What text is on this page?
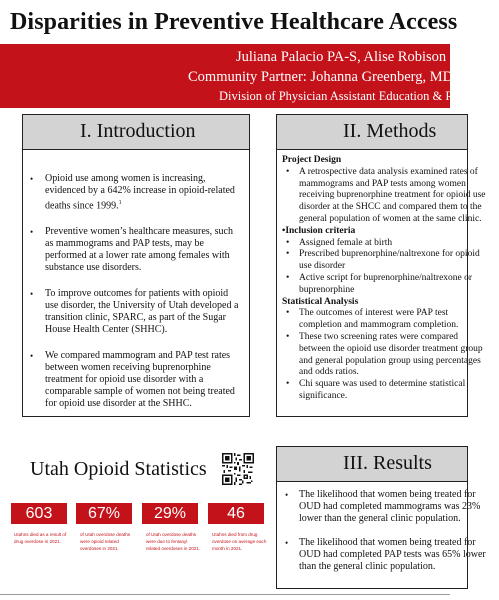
Disparities in Preventive Healthcare Access
Juliana Palacio PA-S, Alise Robison PA-S
Community Partner: Johanna Greenberg, MD
Division of Physician Assistant Education & Research
I. Introduction
• Opioid use among women is increasing, evidenced by a 642% increase in opioid-related deaths since 1999.$^1$
• Preventive women’s healthcare measures, such as mammograms and PAP tests, may be performed at a lower rate among females with substance use disorders.
• To improve outcomes for patients with opioid use disorder, the University of Utah developed a transition clinic, SPARC, as part of the Sugar House Health Center (SHHC).
• We compared mammogram and PAP test rates between women receiving buprenorphine treatment for opioid use disorder with a comparable sample of women not being treated for opioid use disorder at the SHHC.
II. Methods
Project Design
• A retrospective data analysis examined rates of mammograms and PAP tests among women receiving buprenorphine treatment for opioid use disorder at the SHCC and compared them to the general population of women at the same clinic.
•Inclusion criteria
• Assigned female at birth
• Prescribed buprenorphine/naltrexone for opioid use disorder
• Active script for buprenorphine/naltrexone or buprenorphine
Statistical Analysis
• The outcomes of interest were PAP test completion and mammogram completion.
• These two screening rates were compared between the opioid use disorder treatment group and general population group using percentages and odds ratios.
• Chi square was used to determine statistical significance.
Utah Opioid Statistics
603	67%	29%	46
Utahns died as a result of drug overdose in 2021.
of Utah overdose deaths were opioid related overdoses in 2021.
of Utah overdose deaths were due to fentanyl related overdoses in 2021.
Utahns died from drug overdose on average each month in 2021.
III. Results
• The likelihood that women being treated for OUD had completed mammograms was 23% lower than the general clinic population.
• The likelihood that women being treated for OUD had completed PAP tests was 65% lower than the general clinic population.
